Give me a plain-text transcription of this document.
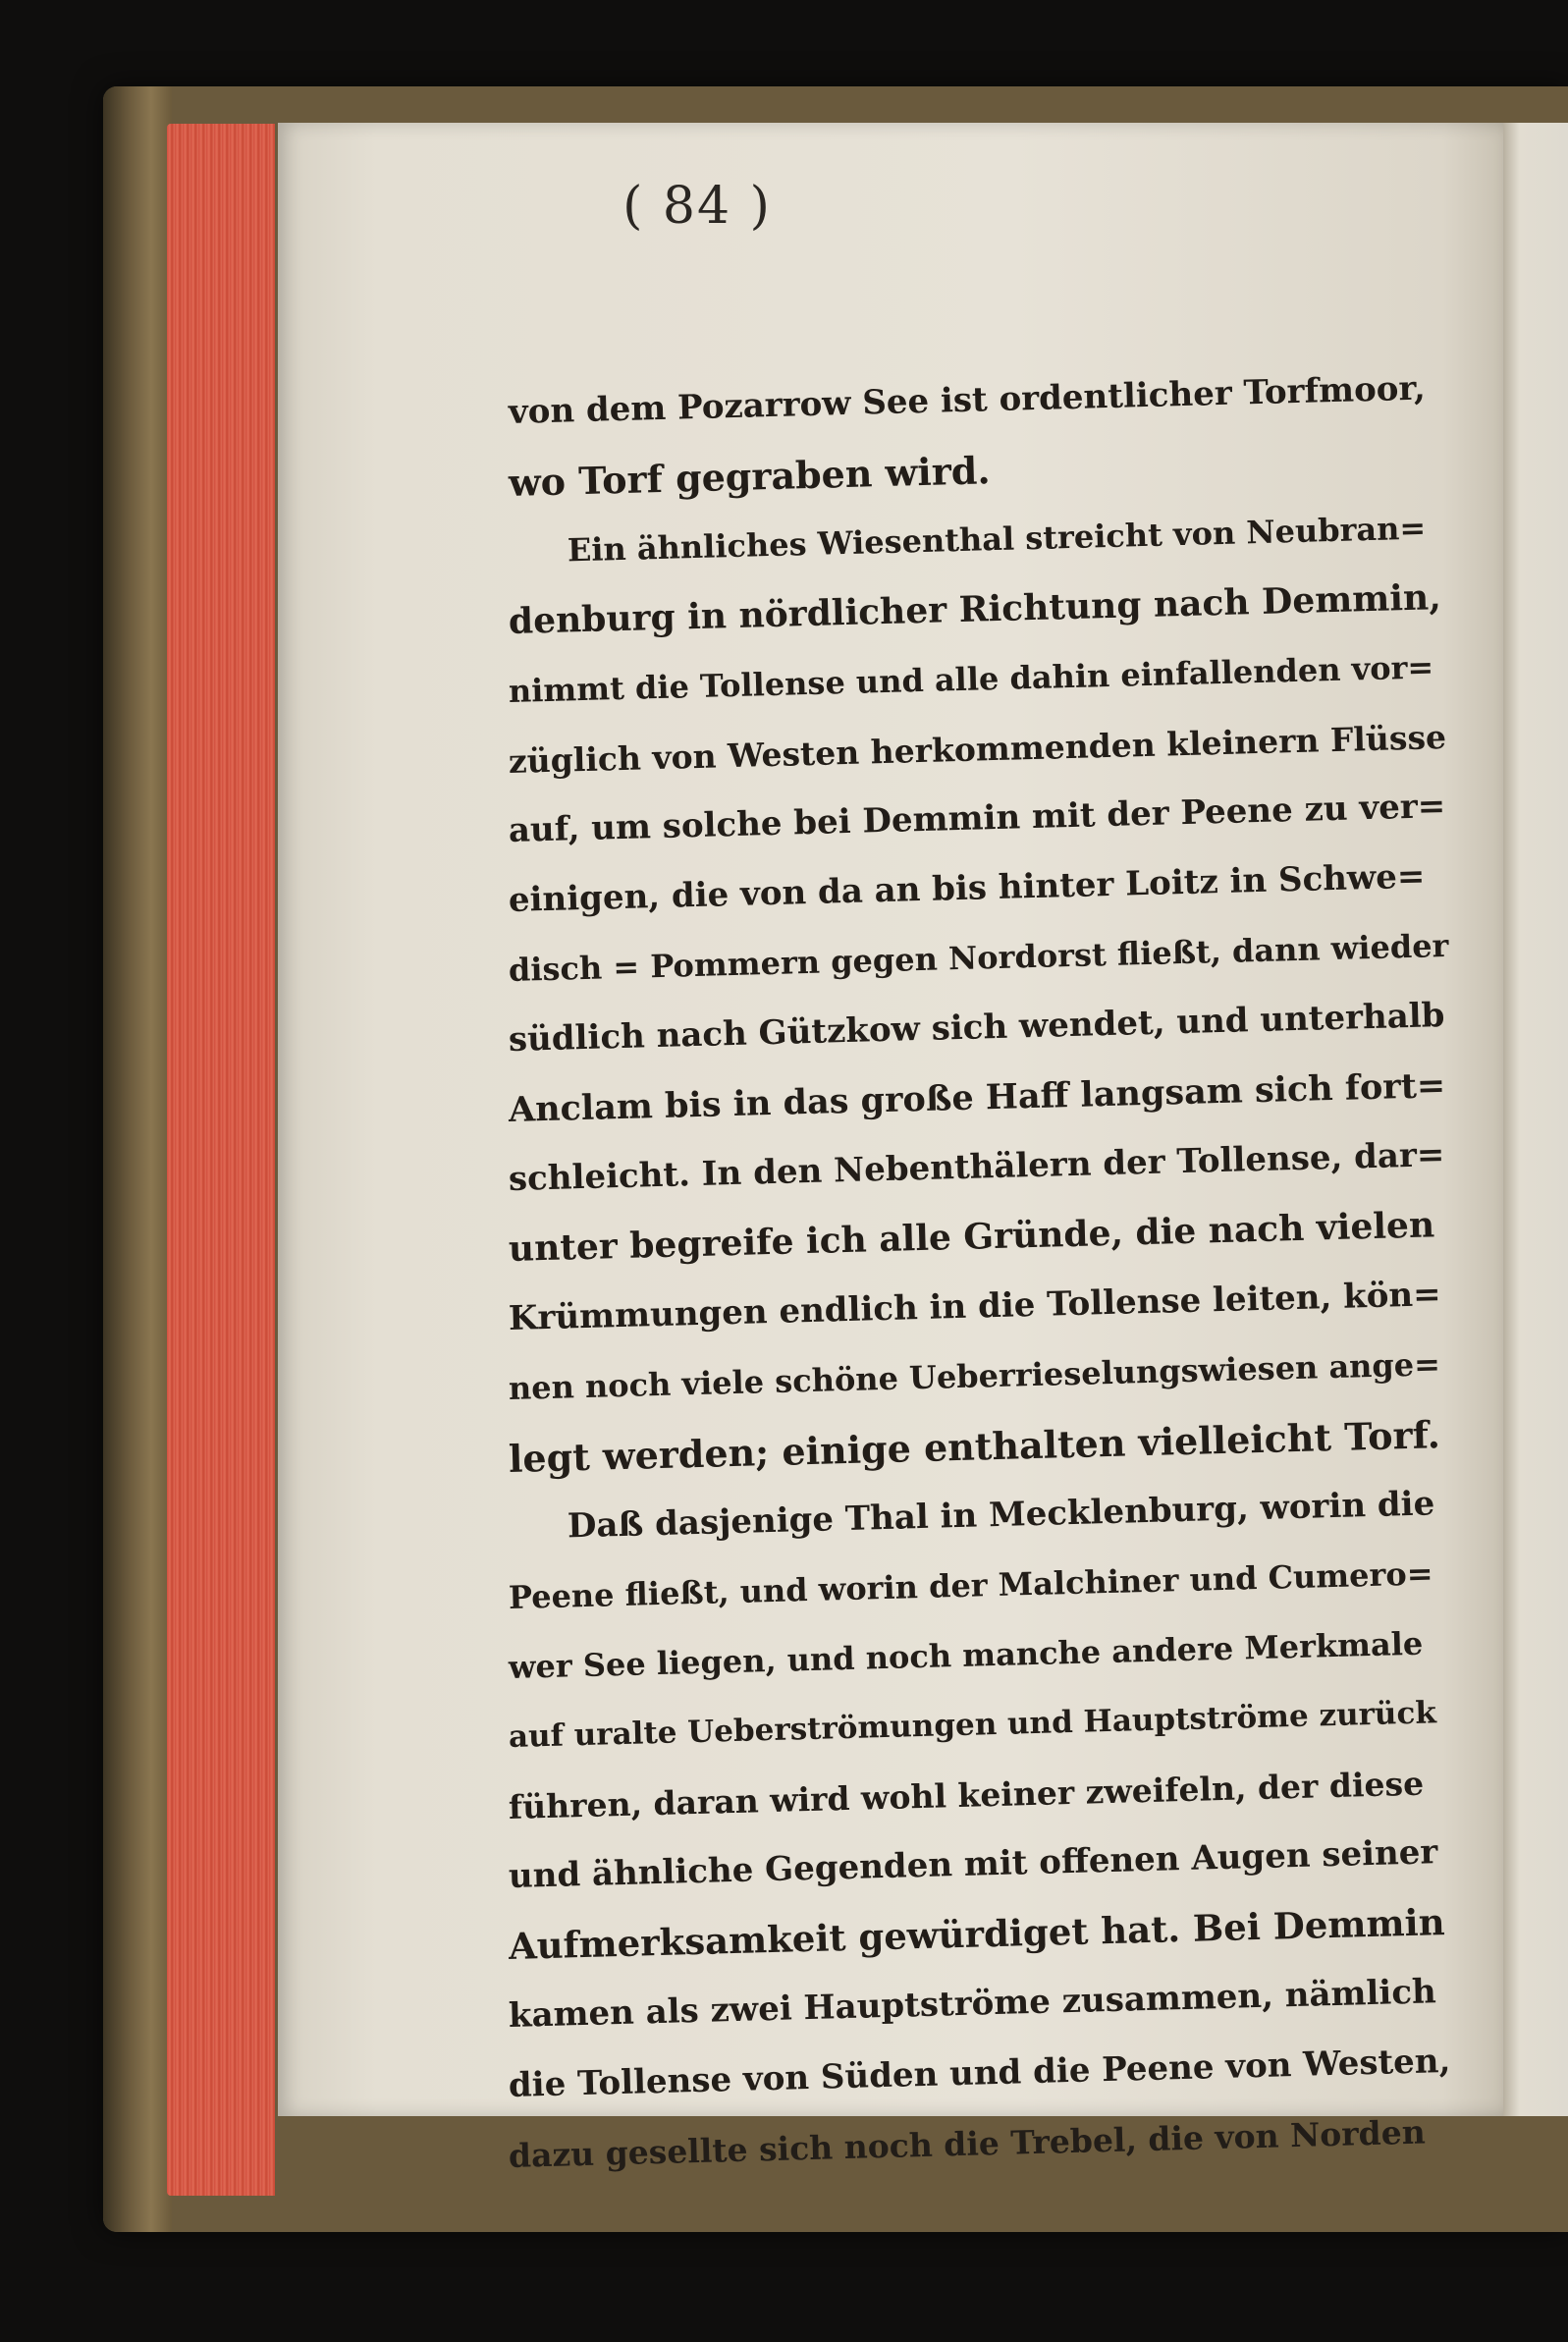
( 84 )
von dem Pozarrow See ist ordentlicher Torfmoor,
wo Torf gegraben wird.
Ein ähnliches Wiesenthal streicht von Neubran=
denburg in nördlicher Richtung nach Demmin,
nimmt die Tollense und alle dahin einfallenden vor=
züglich von Westen herkommenden kleinern Flüsse
auf, um solche bei Demmin mit der Peene zu ver=
einigen, die von da an bis hinter Loitz in Schwe=
disch = Pommern gegen Nordorst fließt, dann wieder
südlich nach Gützkow sich wendet, und unterhalb
Anclam bis in das große Haff langsam sich fort=
schleicht. In den Nebenthälern der Tollense, dar=
unter begreife ich alle Gründe, die nach vielen
Krümmungen endlich in die Tollense leiten, kön=
nen noch viele schöne Ueberrieselungswiesen ange=
legt werden; einige enthalten vielleicht Torf.
Daß dasjenige Thal in Mecklenburg, worin die
Peene fließt, und worin der Malchiner und Cumero=
wer See liegen, und noch manche andere Merkmale
auf uralte Ueberströmungen und Hauptströme zurück
führen, daran wird wohl keiner zweifeln, der diese
und ähnliche Gegenden mit offenen Augen seiner
Aufmerksamkeit gewürdiget hat. Bei Demmin
kamen als zwei Hauptströme zusammen, nämlich
die Tollense von Süden und die Peene von Westen,
dazu gesellte sich noch die Trebel, die von Norden
